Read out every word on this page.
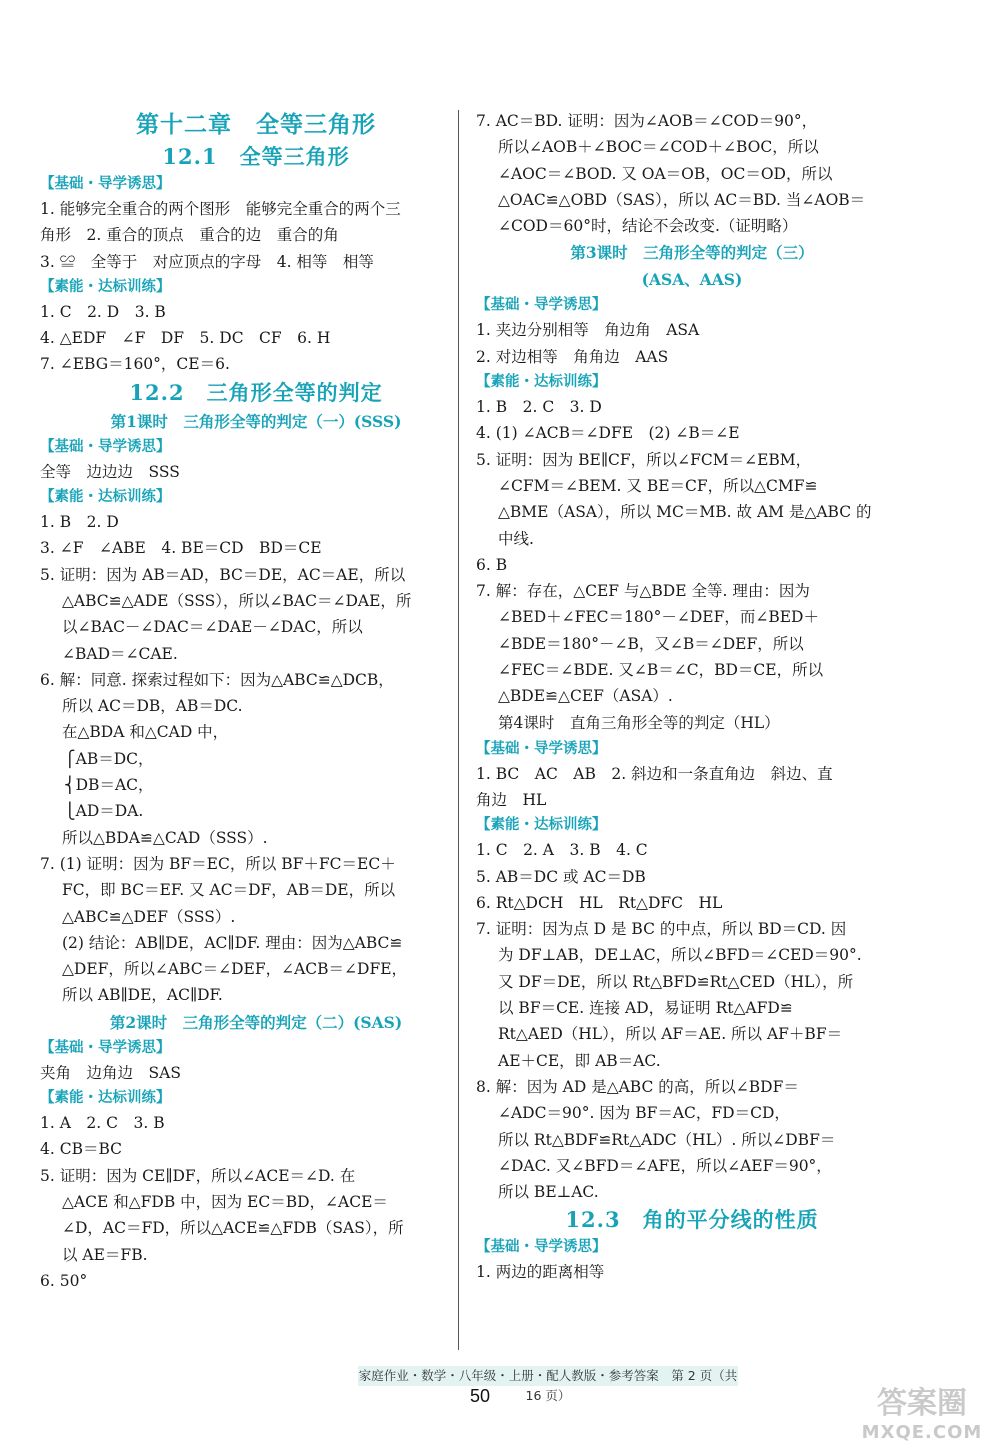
第十二章　全等三角形
12.1　全等三角形
【基础・导学诱思】
1. 能够完全重合的两个图形　能够完全重合的两个三
角形　2. 重合的顶点　重合的边　重合的角
3. ≌　全等于　对应顶点的字母　4. 相等　相等
【素能・达标训练】
1. C　2. D　3. B
4. △EDF　∠F　DF　5. DC　CF　6. H
7. ∠EBG＝160°，CE＝6.
12.2　三角形全等的判定
第1课时　三角形全等的判定（一）(SSS)
【基础・导学诱思】
全等　边边边　SSS
【素能・达标训练】
1. B　2. D
3. ∠F　∠ABE　4. BE＝CD　BD＝CE
5. 证明：因为 AB＝AD，BC＝DE，AC＝AE，所以
△ABC≌△ADE（SSS），所以∠BAC＝∠DAE，所
以∠BAC－∠DAC＝∠DAE－∠DAC，所以
∠BAD＝∠CAE.
6. 解：同意. 探索过程如下：因为△ABC≌△DCB，
所以 AC＝DB，AB＝DC.
在△BDA 和△CAD 中，
⎧AB＝DC，
⎨DB＝AC，
⎩AD＝DA.
所以△BDA≌△CAD（SSS）.
7. (1) 证明：因为 BF＝EC，所以 BF＋FC＝EC＋
FC，即 BC＝EF. 又 AC＝DF，AB＝DE，所以
△ABC≌△DEF（SSS）.
(2) 结论：AB∥DE，AC∥DF. 理由：因为△ABC≌
△DEF，所以∠ABC＝∠DEF，∠ACB＝∠DFE，
所以 AB∥DE，AC∥DF.
第2课时　三角形全等的判定（二）(SAS)
【基础・导学诱思】
夹角　边角边　SAS
【素能・达标训练】
1. A　2. C　3. B
4. CB＝BC
5. 证明：因为 CE∥DF，所以∠ACE＝∠D. 在
△ACE 和△FDB 中，因为 EC＝BD，∠ACE＝
∠D，AC＝FD，所以△ACE≌△FDB（SAS），所
以 AE＝FB.
6. 50°
7. AC＝BD. 证明：因为∠AOB＝∠COD＝90°，
所以∠AOB＋∠BOC＝∠COD＋∠BOC，所以
∠AOC＝∠BOD. 又 OA＝OB，OC＝OD，所以
△OAC≌△OBD（SAS），所以 AC＝BD. 当∠AOB＝
∠COD＝60°时，结论不会改变.（证明略）
第3课时　三角形全等的判定（三）
(ASA、AAS)
【基础・导学诱思】
1. 夹边分别相等　角边角　ASA
2. 对边相等　角角边　AAS
【素能・达标训练】
1. B　2. C　3. D
4. (1) ∠ACB＝∠DFE　(2) ∠B＝∠E
5. 证明：因为 BE∥CF，所以∠FCM＝∠EBM，
∠CFM＝∠BEM. 又 BE＝CF，所以△CMF≌
△BME（ASA），所以 MC＝MB. 故 AM 是△ABC 的
中线.
6. B
7. 解：存在，△CEF 与△BDE 全等. 理由：因为
∠BED＋∠FEC＝180°－∠DEF，而∠BED＋
∠BDE＝180°－∠B，又∠B＝∠DEF，所以
∠FEC＝∠BDE. 又∠B＝∠C，BD＝CE，所以
△BDE≌△CEF（ASA）.
第4课时　直角三角形全等的判定（HL）
【基础・导学诱思】
1. BC　AC　AB　2. 斜边和一条直角边　斜边、直
角边　HL
【素能・达标训练】
1. C　2. A　3. B　4. C
5. AB＝DC 或 AC＝DB
6. Rt△DCH　HL　Rt△DFC　HL
7. 证明：因为点 D 是 BC 的中点，所以 BD＝CD. 因
为 DF⊥AB，DE⊥AC，所以∠BFD＝∠CED＝90°.
又 DF＝DE，所以 Rt△BFD≌Rt△CED（HL），所
以 BF＝CE. 连接 AD，易证明 Rt△AFD≌
Rt△AED（HL），所以 AF＝AE. 所以 AF＋BF＝
AE＋CE，即 AB＝AC.
8. 解：因为 AD 是△ABC 的高，所以∠BDF＝
∠ADC＝90°. 因为 BF＝AC，FD＝CD，
所以 Rt△BDF≌Rt△ADC（HL）. 所以∠DBF＝
∠DAC. 又∠BFD＝∠AFE，所以∠AEF＝90°，
所以 BE⊥AC.
12.3　角的平分线的性质
【基础・导学诱思】
1. 两边的距离相等
家庭作业・数学・八年级・上册・配人教版・参考答案　第 2 页（共 16 页）
50	答案圈
MXQE.COM
